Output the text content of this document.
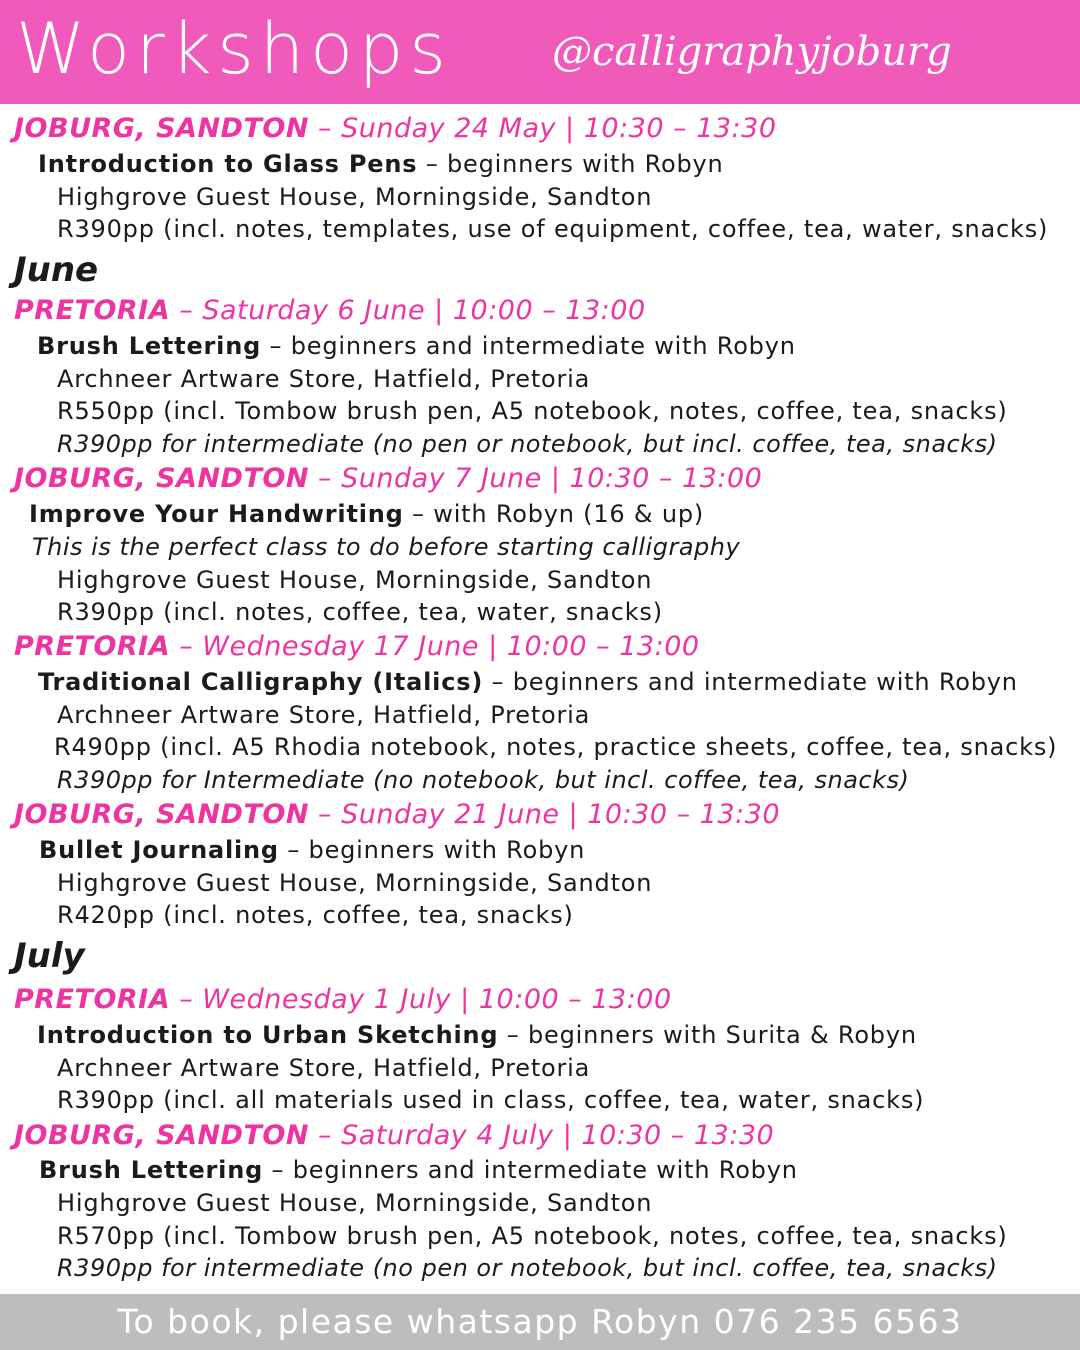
Workshops	@calligraphyjoburg
JOBURG, SANDTON – Sunday 24 May | 10:30 – 13:30
Introduction to Glass Pens – beginners with Robyn
Highgrove Guest House, Morningside, Sandton
R390pp (incl. notes, templates, use of equipment, coffee, tea, water, snacks)
June
PRETORIA – Saturday 6 June | 10:00 – 13:00
Brush Lettering – beginners and intermediate with Robyn
Archneer Artware Store, Hatfield, Pretoria
R550pp (incl. Tombow brush pen, A5 notebook, notes, coffee, tea, snacks)
R390pp for intermediate (no pen or notebook, but incl. coffee, tea, snacks)
JOBURG, SANDTON – Sunday 7 June | 10:30 – 13:00
Improve Your Handwriting – with Robyn (16 & up)
This is the perfect class to do before starting calligraphy
Highgrove Guest House, Morningside, Sandton
R390pp (incl. notes, coffee, tea, water, snacks)
PRETORIA – Wednesday 17 June | 10:00 – 13:00
Traditional Calligraphy (Italics) – beginners and intermediate with Robyn
Archneer Artware Store, Hatfield, Pretoria
R490pp (incl. A5 Rhodia notebook, notes, practice sheets, coffee, tea, snacks)
R390pp for Intermediate (no notebook, but incl. coffee, tea, snacks)
JOBURG, SANDTON – Sunday 21 June | 10:30 – 13:30
Bullet Journaling – beginners with Robyn
Highgrove Guest House, Morningside, Sandton
R420pp (incl. notes, coffee, tea, snacks)
July
PRETORIA – Wednesday 1 July | 10:00 – 13:00
Introduction to Urban Sketching – beginners with Surita & Robyn
Archneer Artware Store, Hatfield, Pretoria
R390pp (incl. all materials used in class, coffee, tea, water, snacks)
JOBURG, SANDTON – Saturday 4 July | 10:30 – 13:30
Brush Lettering – beginners and intermediate with Robyn
Highgrove Guest House, Morningside, Sandton
R570pp (incl. Tombow brush pen, A5 notebook, notes, coffee, tea, snacks)
R390pp for intermediate (no pen or notebook, but incl. coffee, tea, snacks)
To book, please whatsapp Robyn 076 235 6563
